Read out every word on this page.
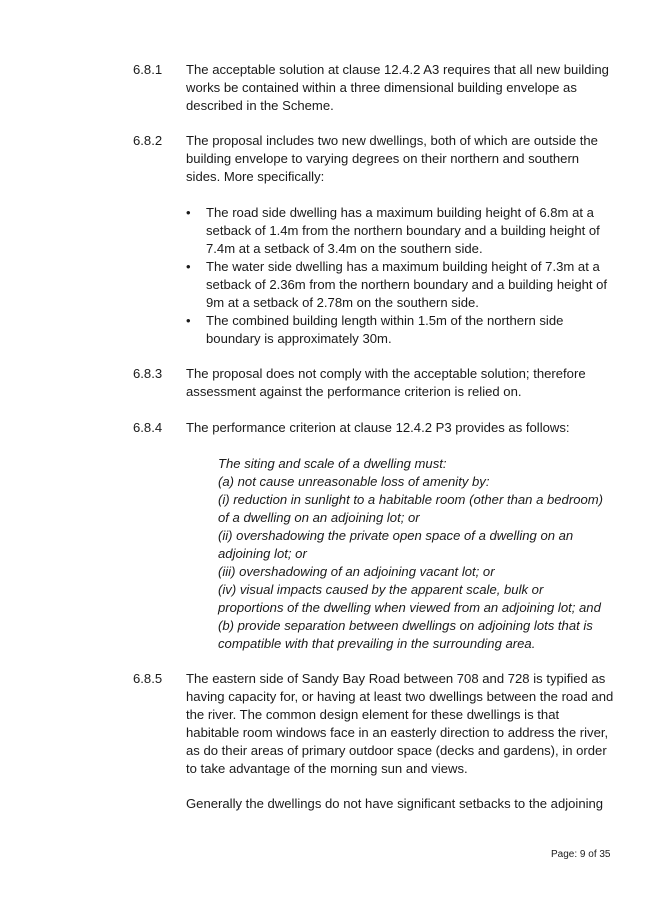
6.8.1 The acceptable solution at clause 12.4.2 A3 requires that all new building
works be contained within a three dimensional building envelope as
described in the Scheme.
6.8.2 The proposal includes two new dwellings, both of which are outside the
building envelope to varying degrees on their northern and southern
sides. More specifically:
• The road side dwelling has a maximum building height of 6.8m at a
setback of 1.4m from the northern boundary and a building height of
7.4m at a setback of 3.4m on the southern side.
• The water side dwelling has a maximum building height of 7.3m at a
setback of 2.36m from the northern boundary and a building height of
9m at a setback of 2.78m on the southern side.
• The combined building length within 1.5m of the northern side
boundary is approximately 30m.
6.8.3 The proposal does not comply with the acceptable solution; therefore
assessment against the performance criterion is relied on.
6.8.4 The performance criterion at clause 12.4.2 P3 provides as follows:
The siting and scale of a dwelling must:
(a) not cause unreasonable loss of amenity by:
(i) reduction in sunlight to a habitable room (other than a bedroom)
of a dwelling on an adjoining lot; or
(ii) overshadowing the private open space of a dwelling on an
adjoining lot; or
(iii) overshadowing of an adjoining vacant lot; or
(iv) visual impacts caused by the apparent scale, bulk or
proportions of the dwelling when viewed from an adjoining lot; and
(b) provide separation between dwellings on adjoining lots that is
compatible with that prevailing in the surrounding area.
6.8.5 The eastern side of Sandy Bay Road between 708 and 728 is typified as
having capacity for, or having at least two dwellings between the road and
the river. The common design element for these dwellings is that
habitable room windows face in an easterly direction to address the river,
as do their areas of primary outdoor space (decks and gardens), in order
to take advantage of the morning sun and views.
Generally the dwellings do not have significant setbacks to the adjoining
Page: 9 of 35
